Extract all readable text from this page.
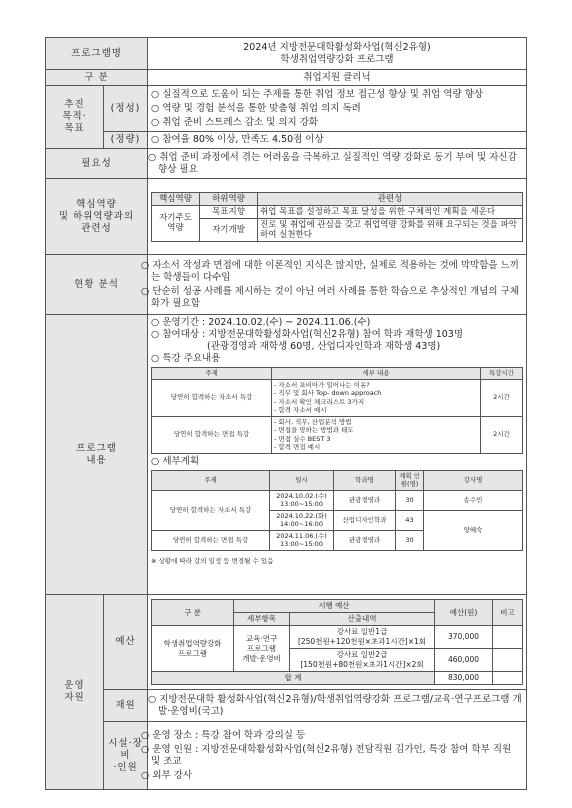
프로그램명	
2024년 지방전문대학활성화사업(혁신2유형)
학생취업역량강화 프로그램

구 분	취업지원 클리닉

추진
목적·
목표
	(정성)	
○ 실질적으로 도움이 되는 주제를 통한 취업 정보 접근성 향상 및 취업 역량 향상
○ 역량 및 경험 분석을 통한 맞춤형 취업 의지 독려
○ 취업 준비 스트레스 감소 및 의지 강화

(정량)	○ 참여율 80% 이상, 만족도 4.50점 이상
필요성	○ 취업 준비 과정에서 겪는 어려움을 극복하고 실질적인 역량 강화로 동기 부여 및 자신감 향상 필요

핵심역량
및 하위역량과의
관련성

핵심역량	하위역량	관련성

자기주도
역량
	목표지향	취업 목표를 설정하고 목표 달성을 위한 구체적인 계획을 세운다
자기개발	진로 및 취업에 관심을 갖고 취업역량 강화를 위해 요구되는 것을 파악하여 실천한다

현황 분석	
○ 자소서 작성과 면접에 대한 이론적인 지식은 많지만, 실제로 적용하는 것에 막막함을 느끼는 학생들이 다수임
○ 단순히 성공 사례를 제시하는 것이 아닌 여러 사례를 통한 학습으로 추상적인 개념의 구체화가 필요함

프로그램
내용

○ 운영기간 : 2024.10.02.(수) ~ 2024.11.06.(수)
○ 참여대상 : 지방전문대학활성화사업(혁신2유형) 참여 학과 재학생 103명
(관광경영과 재학생 60명, 산업디자인학과 재학생 43명)
○ 특강 주요내용
주제	세부 내용	특강시간
당연히 합격하는 자소서 특강	
- 자소서 포비아가 일어나는 이유?
- 직무 및 회사 Top- down approach
- 자소서 확인 체크리스트 3가지
- 합격 자소서 예시
	2시간
당연히 합격하는 면접 특강	
- 회사, 직무, 산업분석 방법
- 면접을 망하는 방법과 태도
- 면접 실수 BEST 3
- 합격 면접 예시
	2시간
○ 세부계획
주제	일시	학과명	계획 인원(명)	강사명
당연히 합격하는 자소서 특강	
2024.10.02.(수)
13:00~15:00
	관광경영과	30	송수민

2024.10.22.(화)
14:00~16:00
	산업디자인학과	43	양혜숙
당연히 합격하는 면접 특강	
2024.11.06.(수)
13:00~15:00
	관광경영과	30
※ 상황에 따라 강의 일정 등 변경될 수 있음

운영
자원
	예산	
구 분	시행 예산	예산(원)	비고
세부항목	산출내역

학생취업역량강화
프로그램

교육·연구
프로그램
개발·운영비

강사료 일반1급
[250천원+120천원×초과1시간]×1회
	370,000	

강사료 일반2급
[150천원+80천원×초과1시간]×2회
	460,000	
합 계	830,000	

재원	○ 지방전문대학 활성화사업(혁신2유형)/학생취업역량강화 프로그램/교육·연구프로그램 개발·운영비(국고)

시설·장비
·인원

○ 운영 장소 : 특강 참여 학과 강의실 등
○ 운영 인원 : 지방전문대학활성화사업(혁신2유형) 전담직원 김가인, 특강 참여 학부 직원 및 조교
○ 외부 강사
